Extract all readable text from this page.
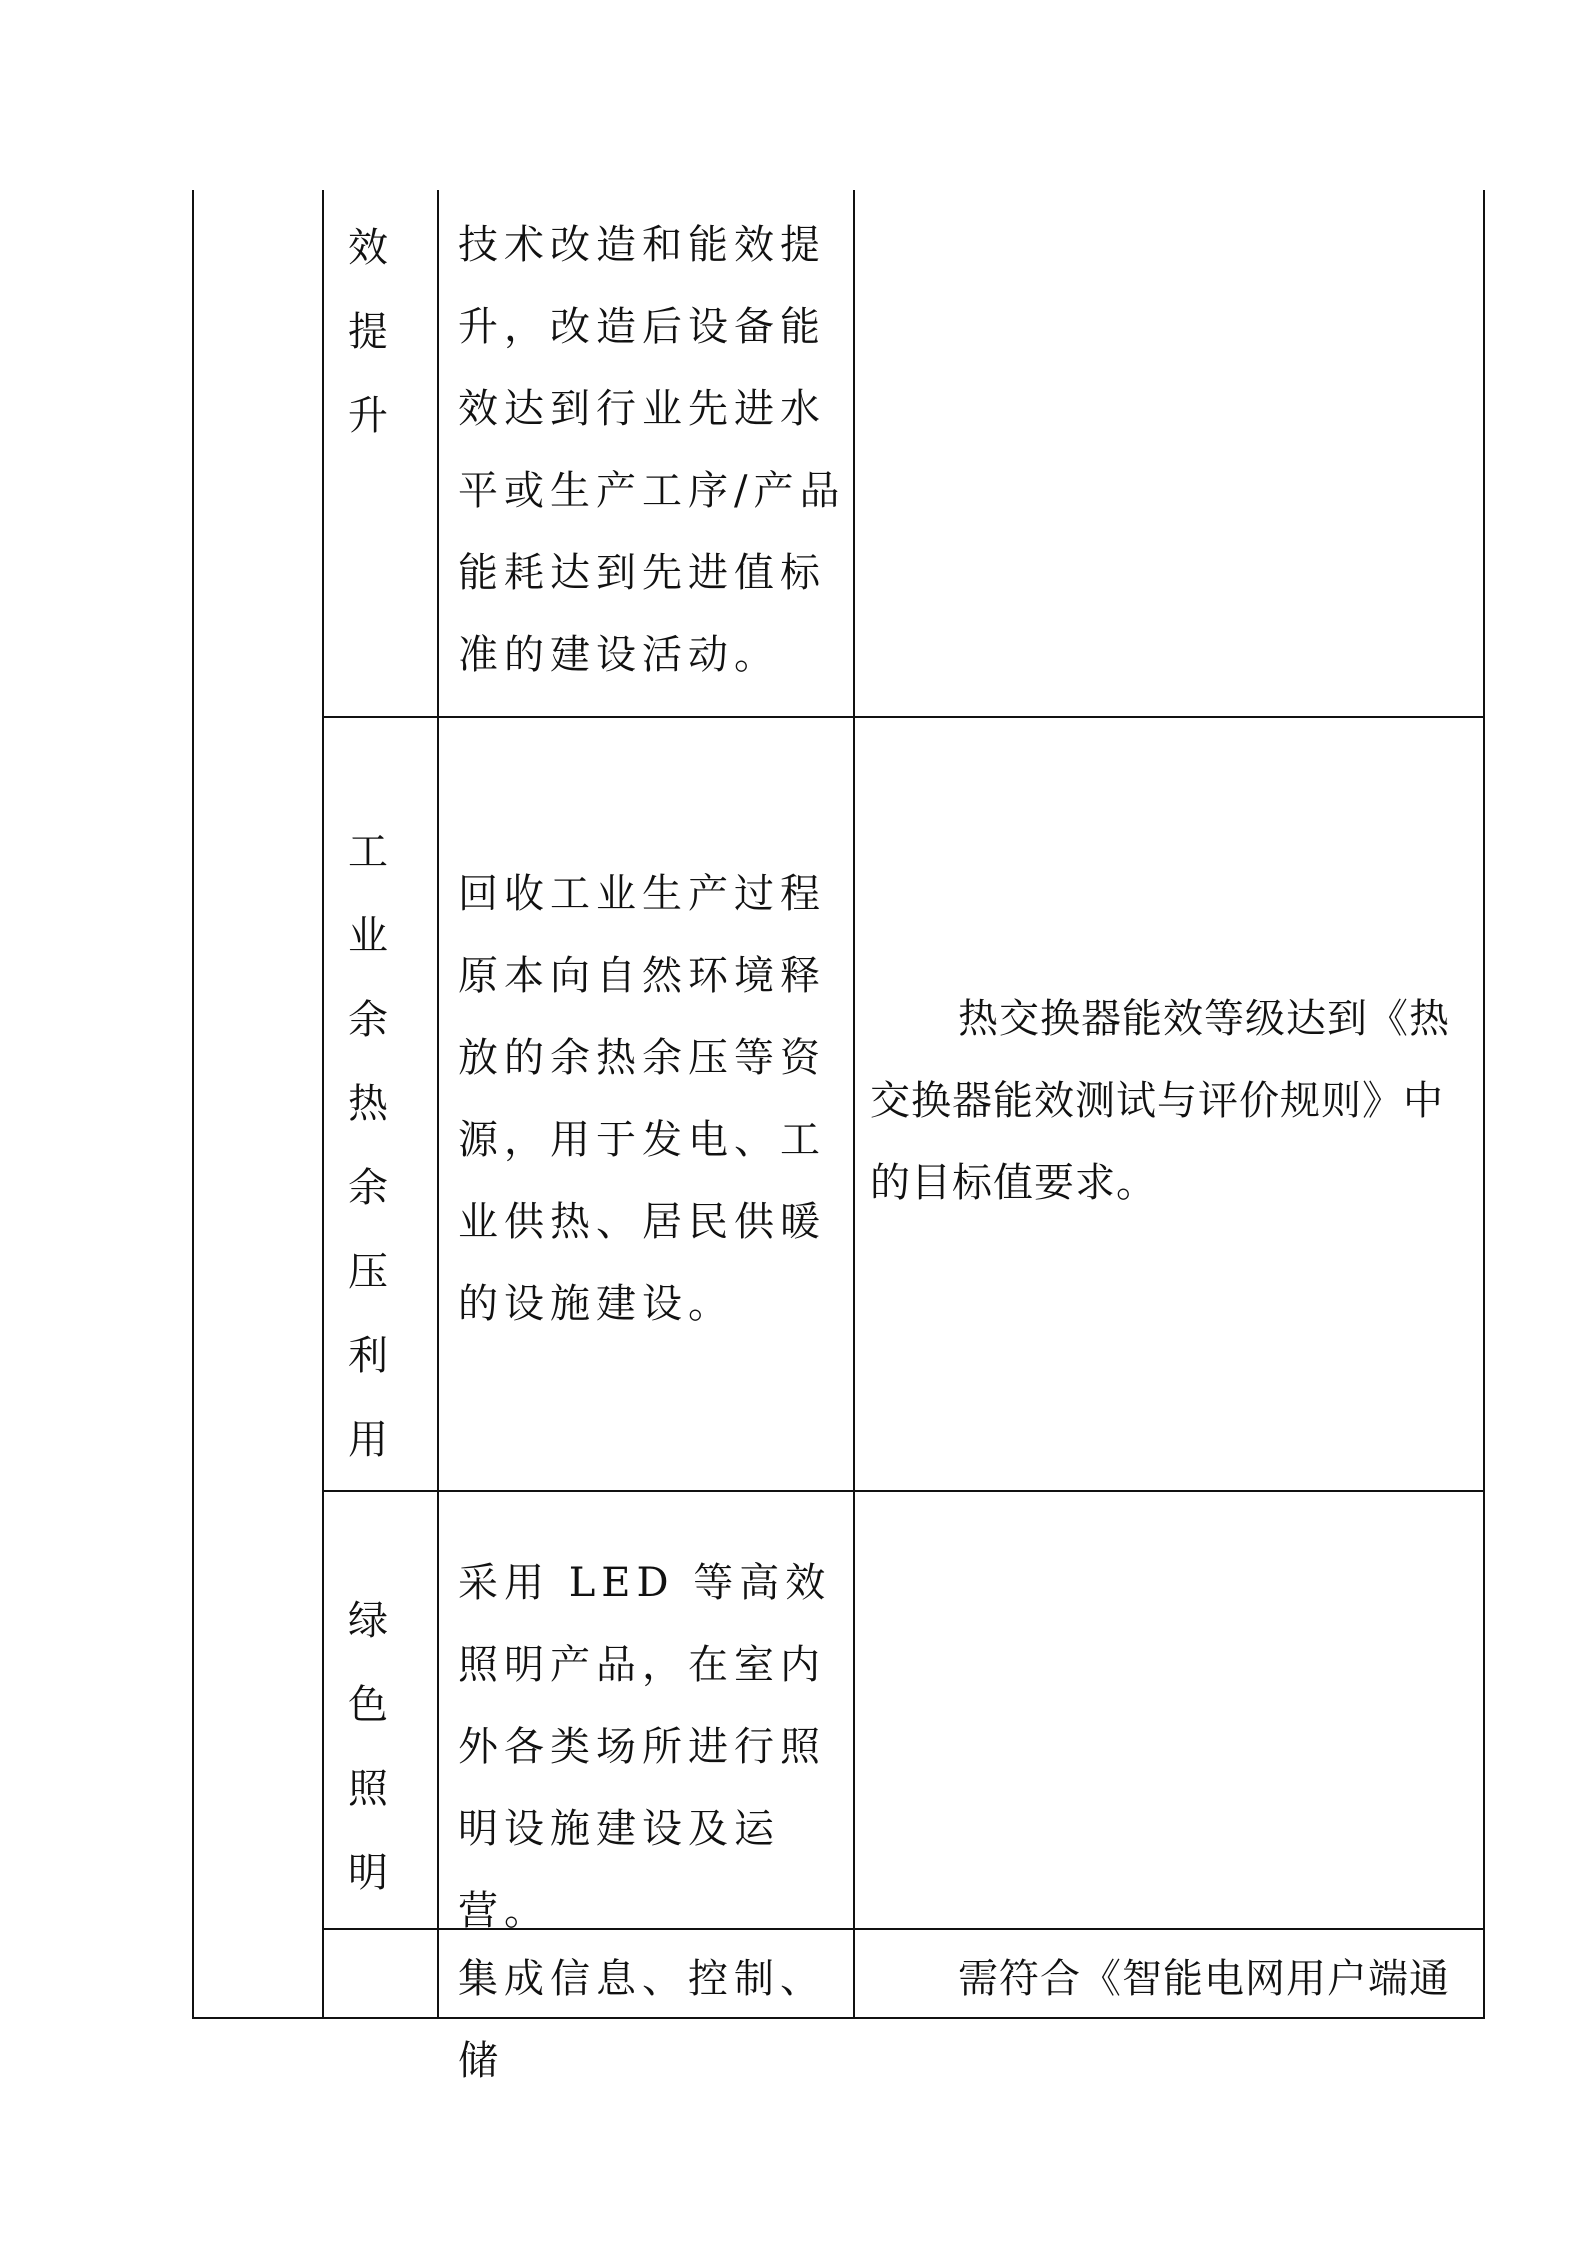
效
提
升
技术改造和能效提升，改造后设备能效达到行业先进水平或生产工序/产品能耗达到先进值标准的建设活动。
工
业
余
热
余
压
利
用
回收工业生产过程原本向自然环境释放的余热余压等资源，用于发电、工业供热、居民供暖的设施建设。
热交换器能效等级达到《热交换器能效测试与评价规则》中的目标值要求。
绿
色
照
明
采用 LED 等高效照明产品，在室内外各类场所进行照明设施建设及运营。
集成信息、控制、储
需符合《智能电网用户端通
